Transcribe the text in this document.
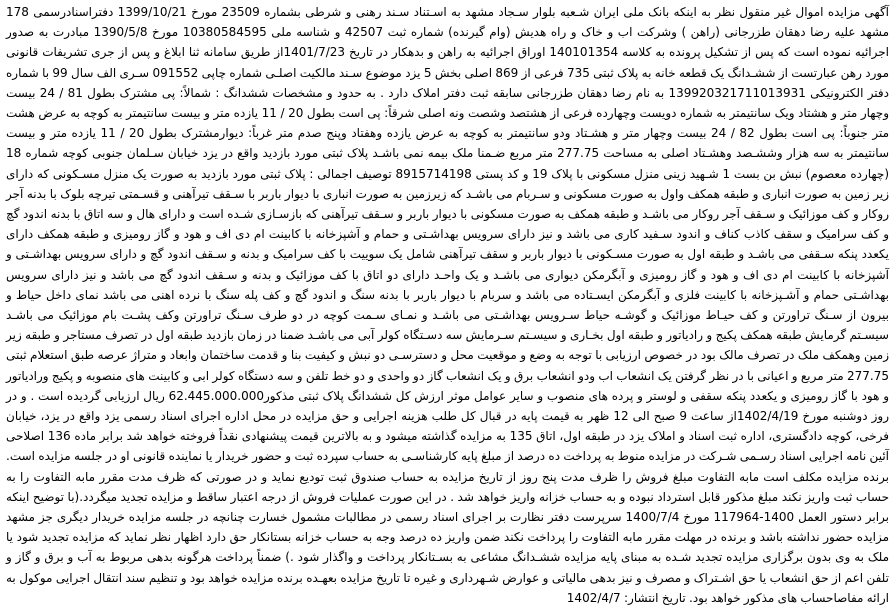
آگهی مزایده اموال غیر منقول نظر به اینکه بانک ملی ایران شـعبه بلوار سـجاد مشهد به اسـتناد سـند رهنی و شرطی بشماره 23509 مورخ 1399/10/21 دفتراسنادرسمی 178 مشهد علیه رضا دهقان طزرجانی (راهن ) وشرکت اب و خاک و راه هدیش (وام گیرنده) شماره ثبت 42507 و شناسه ملی 10380584595 مورخ 1390/5/8 مبادرت به صدور اجرائیه نموده است که پس از تشکیل پرونده به کلاسه 140101354 اوراق اجرائیه به راهن و بدهکار در تاریخ 1401/7/23از طریق سامانه ثنا ابلاغ و پس از جری تشریفات قانونی مورد رهن عبارتست از ششـدانگ یک قطعه خانه به پلاک ثبتی 735 فرعی از 869 اصلی بخش 5 یزد موضوع سـند مالکیت اصلـی شماره چاپی 091552 سـری الف سال 99 با شماره دفتر الکترونیکی 139920321711013931 به نام رضا دهقان طزرجانی سابقه ثبت دفتر املاک دارد . به حدود و مشخصات ششدانگ : شمالاً: پی مشترک بطول 81 / 24 بیست وچهار متر و هشتاد ویک سانتیمتر به شماره دویست وچهارده فرعی از هشتصد وشصت ونه اصلی شرقاً: پی است بطول 20 / 11 یازده متر و بیست سانتیمتر به کوچه به عرض هشت متر جنوباً: پی است بطول 82 / 24 بیست وچهار متر و هشـتاد ودو سانتیمتر به کوچه به عرض یازده وهفتاد وپنج صدم متر غرباً: دیوارمشترک بطول 20 / 11 یازده متر و بیست سانتیمتر به سه هزار وششـصد وهشـتاد اصلی به مساحت 277.75 متر مربع ضـمنا ملک بیمه نمی باشـد پلاک ثبتی مورد بازدید واقع در یزد خیابان سـلمان جنوبی کوچه شماره 18 (چهارده معصوم) نبش بن بست 1 شـهید زینی منزل مسکونی با پلاک 19 و کد پستی 8915714198 توصیف اجمالی : پلاک ثبتی مورد بازدید به صورت یک منزل مسـکونی که دارای زیر زمین به صورت انباری و طبقه همکف واول به صورت مسکونی و سـربام می باشـد که زیرزمین به صورت انباری با دیوار باربر با سـقف تیرآهنی و قسـمتی تیرچه بلوک با بدنه آجر روکار و کف موزائیک و سـقف آجر روکار می باشـد و طبقه همکف به صورت مسکونی با دیوار باربر و سـقف تیرآهنی که بازسـازی شـده است و دارای هال و سه اتاق با بدنه اندود گچ و کف سرامیک و سقف کاذب کناف و اندود سـفید کاری می باشد و نیز دارای سرویس بهداشـتی و حمام و آشپزخانه با کابینت ام دی اف و هود و گاز رومیزی و طبقه همکف دارای یکعدد پنکه سـقفی می باشـد و طبقه اول به صورت مسـکونی با دیوار باربر و سقف تیرآهنی شامل یک سوییت با کف سرامیک و بدنه و سـقف اندود گچ و دارای سرویس بهداشـتی و آشپزخانه با کابینت ام دی اف و هود و گاز رومیزی و آبگرمکن دیواری می باشـد و یک واحـد دارای دو اتاق با کف موزائیک و بدنه و سـقف اندود گچ می باشد و نیز دارای سرویس بهداشـتی حمام و آشـپزخانه با کابینت فلزی و آبگرمکن ایسـتاده می باشد و سربام با دیوار باربر با بدنه سنگ و اندود گچ و کف پله سنگ با نرده اهنی می باشد نمای داخل حیاط و بیرون از سـنگ تراورتن و کف حیـاط موزائیک و گوشـه حیاط سـرویس بهداشـتی می باشـد و نمـای سـمت کوچه در دو طرف سـنگ تراورتن وکف پشـت بام موزائیک می باشـد سیسـتم گرمایش طبقه همکف پکیج و رادیاتور و طبقه اول بخـاری و سیسـتم سـرمایش سه دسـتگاه کولر آبی می باشـد ضمنا در زمان بازدید طبقه اول در تصرف مستاجر و طبقه زیر زمین وهمکف ملک در تصرف مالک بود در خصوص ارزیابی با توجه به وضع و موقعیت محل و دسترسـی دو نبش و کیفیت بنا و قدمت ساختمان وابعاد و متراژ عرصه طبق استعلام ثبتی 277.75 متر مربع و اعیانی با در نظر گرفتن یک انشعاب اب ودو انشعاب برق و یک انشعاب گاز دو واحدی و دو خط تلفن و سه دستگاه کولر ابی و کابینت های منصوبه و پکیج ورادیاتور و هود با گاز رومیزی و یکعدد پنکه سقفی و لوستر و پرده های منصوب و سایر عوامل موثر ارزش کل ششدانگ پلاک ثبتی مذکور62.445.000.000 ریال ارزیابی گردیده است . و در روز دوشنبه مورخ 1402/4/19از ساعت 9 صبح الی 12 ظهر به قیمت پایه در قبال کل طلب هزینه اجرایی و حق مزایده در محل اداره اجرای اسناد رسمی یزد واقع در یزد، خیابان فرخی، کوچه دادگستری، اداره ثبت اسناد و املاک یزد در طبقه اول، اتاق 135 به مزایده گذاشته میشود و به بالاترین قیمت پیشنهادی نقداً فروخته خواهد شد برابر ماده 136 اصلاحی آئین نامه اجرایی اسناد رسـمی شـرکت در مزایده منوط به پرداخت ده درصد از مبلغ پایه کارشناسـی به حساب سپرده ثبت و حضور خریدار یا نماینده قانونی او در جلسه مزایده است. برنده مزایده مکلف است مابه التفاوت مبلغ فروش را ظرف مدت پنج روز از تاریخ مزایده به حساب صندوق ثبت تودیع نماید و در صورتی که ظرف مدت مقرر مابه التفاوت را به حساب ثبت واریز نکند مبلغ مذکور قابل استرداد نبوده و به حساب خزانه واریز خواهد شد . در این صورت عملیات فروش از درجه اعتبار ساقط و مزایده تجدید میگردد.(با توضیح اینکه برابر دستور العمل 1400-117964 مورخ 1400/7/4 سرپرست دفتر نظارت بر اجرای اسناد رسمی در مطالبات مشمول خسارت چنانچه در جلسه مزایده خریدار دیگری جز مشهد مزایده حضور نداشته باشد و برنده در مهلت مقرر مابه التفاوت را پرداخت نکند ضمن واریز ده درصد وجه به حساب خزانه بستانکار حق دارد اظهار نظر نماید که مزایده تجدید شود یا ملک به وی بدون برگزاری مزایده تجدید شـده به مبنای پایه مزایده ششـدانگ مشاعی به بسـتانکار پرداخت و واگذار شود .) ضمناً پرداخت هرگونه بدهی مربوط به آب و برق و گاز و تلفن اعم از حق انشعاب یا حق اشـتراک و مصرف و نیز بدهی مالیاتی و عوارض شـهرداری و غیره تا تاریخ مزایده بعهـده برنده مزایده خواهد بود و تنظیم سند انتقال اجرایی موکول به ارائه مفاصاحساب های مذکور خواهد بود. تاریخ انتشار: 1402/4/7
